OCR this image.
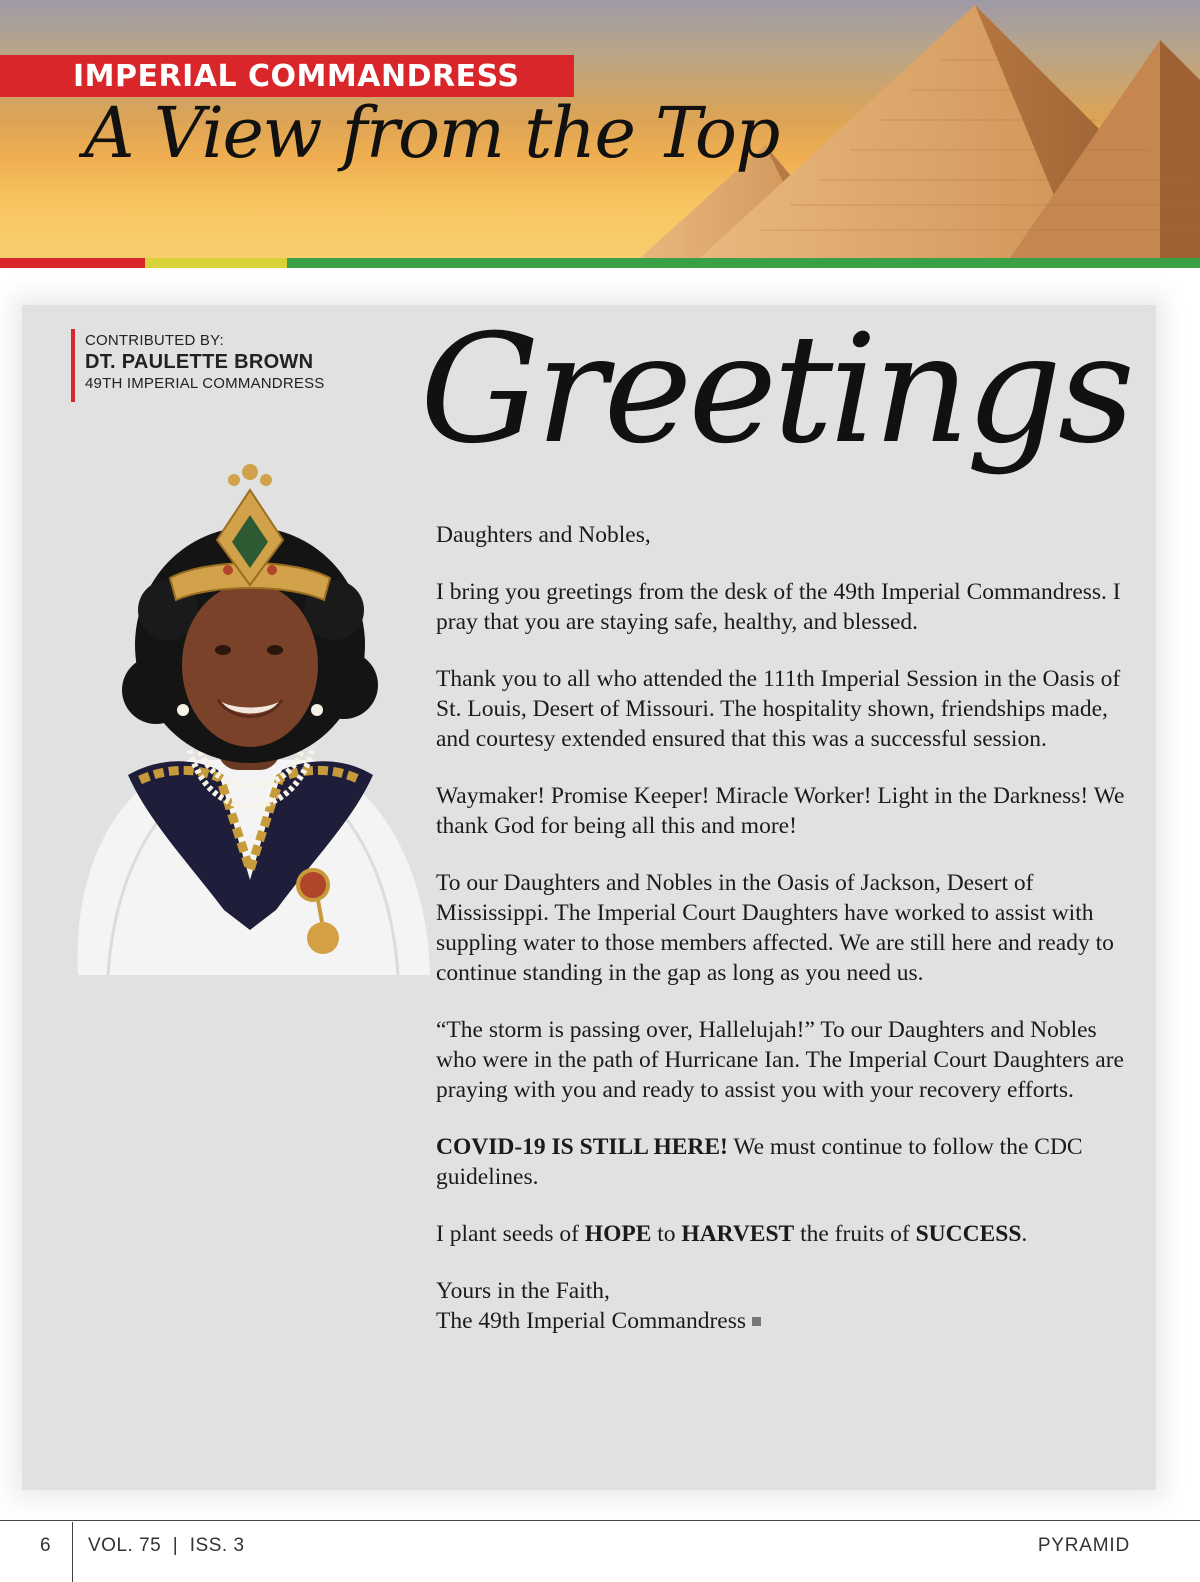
IMPERIAL COMMANDRESS
A View from the Top
CONTRIBUTED BY:
DT. PAULETTE BROWN
49TH IMPERIAL COMMANDRESS Greetings

Daughters and Nobles,

I bring you greetings from the desk of the 49th Imperial Commandress. I pray that you are staying safe, healthy, and blessed.

Thank you to all who attended the 111th Imperial Session in the Oasis of St. Louis, Desert of Missouri. The hospitality shown, friendships made, and courtesy extended ensured that this was a successful session.

Waymaker! Promise Keeper! Miracle Worker! Light in the Darkness! We thank God for being all this and more!

To our Daughters and Nobles in the Oasis of Jackson, Desert of Mississippi. The Imperial Court Daughters have worked to assist with suppling water to those members affected. We are still here and ready to continue standing in the gap as long as you need us.

“The storm is passing over, Hallelujah!” To our Daughters and Nobles who were in the path of Hurricane Ian. The Imperial Court Daughters are praying with you and ready to assist you with your recovery efforts.

COVID-19 IS STILL HERE! We must continue to follow the CDC guidelines.

I plant seeds of HOPE to HARVEST the fruits of SUCCESS.

Yours in the Faith,
The 49th Imperial Commandress

6 VOL. 75  |  ISS. 3	PYRAMID
